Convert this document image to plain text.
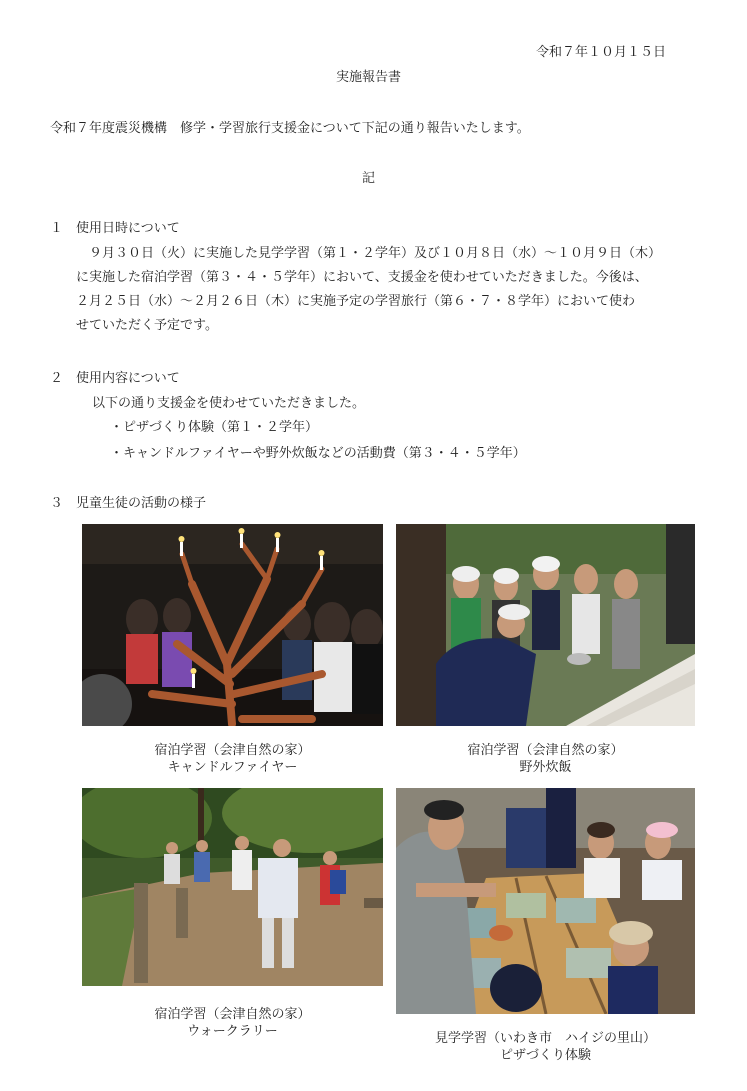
令和７年１０月１５日
実施報告書
令和７年度震災機構　修学・学習旅行支援金について下記の通り報告いたします。
記
１　使用日時について
　９月３０日（火）に実施した見学学習（第１・２学年）及び１０月８日（水）～１０月９日（木）
に実施した宿泊学習（第３・４・５学年）において、支援金を使わせていただきました。今後は、
２月２５日（水）～２月２６日（木）に実施予定の学習旅行（第６・７・８学年）において使わ
せていただく予定です。
２　使用内容について
以下の通り支援金を使わせていただきました。
・ピザづくり体験（第１・２学年）
・キャンドルファイヤーや野外炊飯などの活動費（第３・４・５学年）
３　児童生徒の活動の様子
宿泊学習（会津自然の家）
キャンドルファイヤー
宿泊学習（会津自然の家）
野外炊飯
宿泊学習（会津自然の家）
ウォークラリー	見学学習（いわき市　ハイジの里山）
ピザづくり体験
